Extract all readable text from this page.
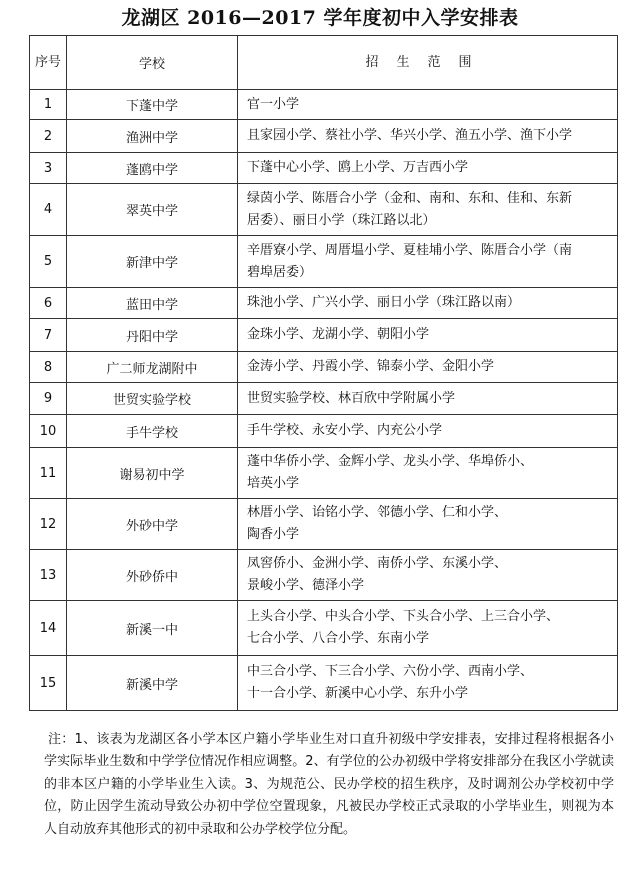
龙湖区 2016—2017 学年度初中入学安排表
序号	学校	招生范围
1	下蓬中学	官一小学

2	渔洲中学	且家园小学、蔡社小学、华兴小学、渔五小学、渔下小学

3	蓬鸥中学	下蓬中心小学、鸥上小学、万吉西小学

4	翠英中学	绿茵小学、陈厝合小学（金和、南和、东和、佳和、东新
居委）、丽日小学（珠江路以北）

5	新津中学	辛厝寮小学、周厝塭小学、夏桂埔小学、陈厝合小学（南
碧埠居委）

6	蓝田中学	珠池小学、广兴小学、丽日小学（珠江路以南）

7	丹阳中学	金珠小学、龙湖小学、朝阳小学

8	广二师龙湖附中	金涛小学、丹霞小学、锦泰小学、金阳小学

9	世贸实验学校	世贸实验学校、林百欣中学附属小学

10	手牛学校	手牛学校、永安小学、内充公小学

11	谢易初中学	蓬中华侨小学、金辉小学、龙头小学、华埠侨小、
培英小学

12	外砂中学	林厝小学、诒铭小学、邻德小学、仁和小学、
陶香小学

13	外砂侨中	凤窖侨小、金洲小学、南侨小学、东溪小学、
景峻小学、德泽小学

14	新溪一中	上头合小学、中头合小学、下头合小学、上三合小学、
七合小学、八合小学、东南小学

15	新溪中学	中三合小学、下三合小学、六份小学、西南小学、
十一合小学、新溪中心小学、东升小学
注：1、该表为龙湖区各小学本区户籍小学毕业生对口直升初级中学安排表，安排过程将根据各小学实际毕业生数和中学学位情况作相应调整。2、有学位的公办初级中学将安排部分在我区小学就读的非本区户籍的小学毕业生入读。3、为规范公、民办学校的招生秩序，及时调剂公办学校初中学位，防止因学生流动导致公办初中学位空置现象，凡被民办学校正式录取的小学毕业生，则视为本人自动放弃其他形式的初中录取和公办学校学位分配。
